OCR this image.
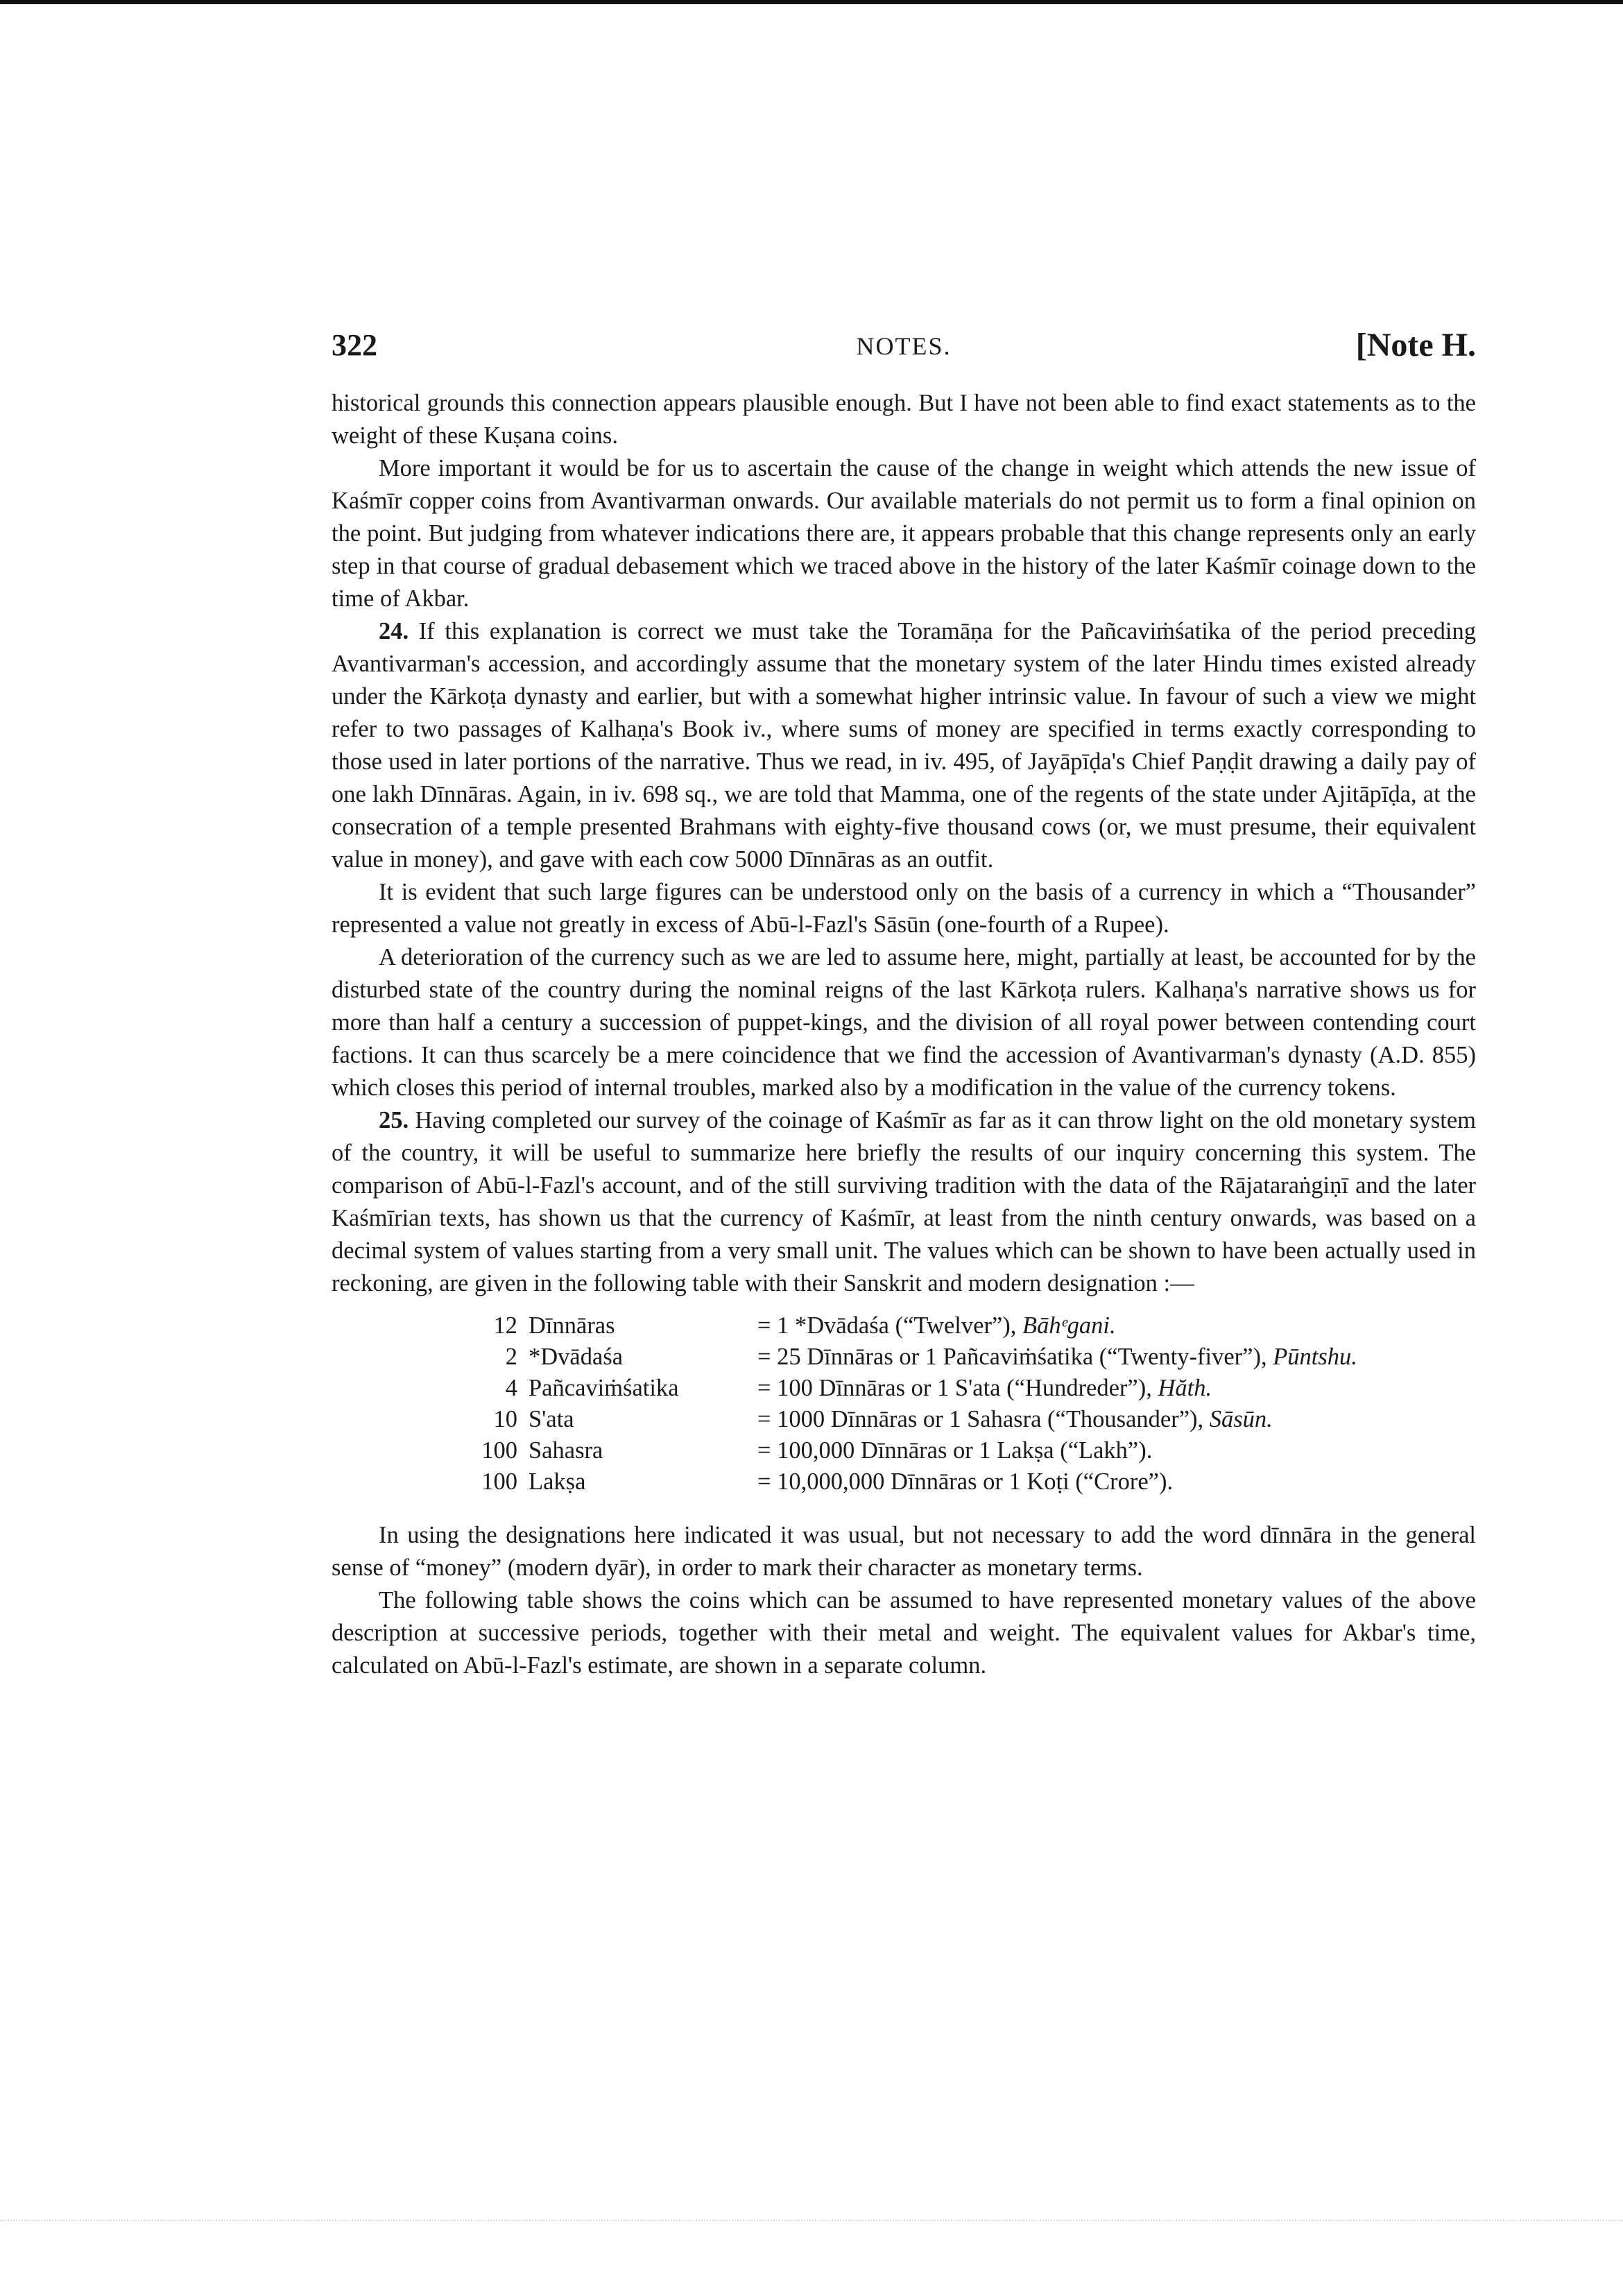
322	NOTES.	[Note H.

historical grounds this connection appears plausible enough. But I have not been able to find exact statements as to the weight of these Kuṣana coins.

More important it would be for us to ascertain the cause of the change in weight which attends the new issue of Kaśmīr copper coins from Avantivarman onwards. Our available materials do not permit us to form a final opinion on the point. But judging from whatever indications there are, it appears probable that this change represents only an early step in that course of gradual debasement which we traced above in the history of the later Kaśmīr coinage down to the time of Akbar.

24. If this explanation is correct we must take the Toramāṇa for the Pañcaviṁśatika of the period preceding Avantivarman's accession, and accordingly assume that the monetary system of the later Hindu times existed already under the Kārkoṭa dynasty and earlier, but with a somewhat higher intrinsic value. In favour of such a view we might refer to two passages of Kalhaṇa's Book iv., where sums of money are specified in terms exactly corresponding to those used in later portions of the narrative. Thus we read, in iv. 495, of Jayāpīḍa's Chief Paṇḍit drawing a daily pay of one lakh Dīnnāras. Again, in iv. 698 sq., we are told that Mamma, one of the regents of the state under Ajitāpīḍa, at the consecration of a temple presented Brahmans with eighty-five thousand cows (or, we must presume, their equivalent value in money), and gave with each cow 5000 Dīnnāras as an outfit.

It is evident that such large figures can be understood only on the basis of a currency in which a “Thousander” represented a value not greatly in excess of Abū-l-Fazl's Sāsūn (one-fourth of a Rupee).

A deterioration of the currency such as we are led to assume here, might, partially at least, be accounted for by the disturbed state of the country during the nominal reigns of the last Kārkoṭa rulers. Kalhaṇa's narrative shows us for more than half a century a succession of puppet-kings, and the division of all royal power between contending court factions. It can thus scarcely be a mere coincidence that we find the accession of Avantivarman's dynasty (A.D. 855) which closes this period of internal troubles, marked also by a modification in the value of the currency tokens.

25. Having completed our survey of the coinage of Kaśmīr as far as it can throw light on the old monetary system of the country, it will be useful to summarize here briefly the results of our inquiry concerning this system. The comparison of Abū-l-Fazl's account, and of the still surviving tradition with the data of the Rājataraṅgiṇī and the later Kaśmīrian texts, has shown us that the currency of Kaśmīr, at least from the ninth century onwards, was based on a decimal system of values starting from a very small unit. The values which can be shown to have been actually used in reckoning, are given in the following table with their Sanskrit and modern designation :—

12	Dīnnāras	= 1 *Dvādaśa (“Twelver”), Bāhᵉgani.
2	*Dvādaśa	= 25 Dīnnāras or 1 Pañcaviṁśatika (“Twenty-fiver”), Pūntshu.
4	Pañcaviṁśatika	= 100 Dīnnāras or 1 S'ata (“Hundreder”), Hăth.
10	S'ata	= 1000 Dīnnāras or 1 Sahasra (“Thousander”), Sāsūn.
100	Sahasra	= 100,000 Dīnnāras or 1 Lakṣa (“Lakh”).
100	Lakṣa	= 10,000,000 Dīnnāras or 1 Koṭi (“Crore”).

In using the designations here indicated it was usual, but not necessary to add the word dīnnāra in the general sense of “money” (modern dyār), in order to mark their character as monetary terms.

The following table shows the coins which can be assumed to have represented monetary values of the above description at successive periods, together with their metal and weight. The equivalent values for Akbar's time, calculated on Abū-l-Fazl's estimate, are shown in a separate column.
